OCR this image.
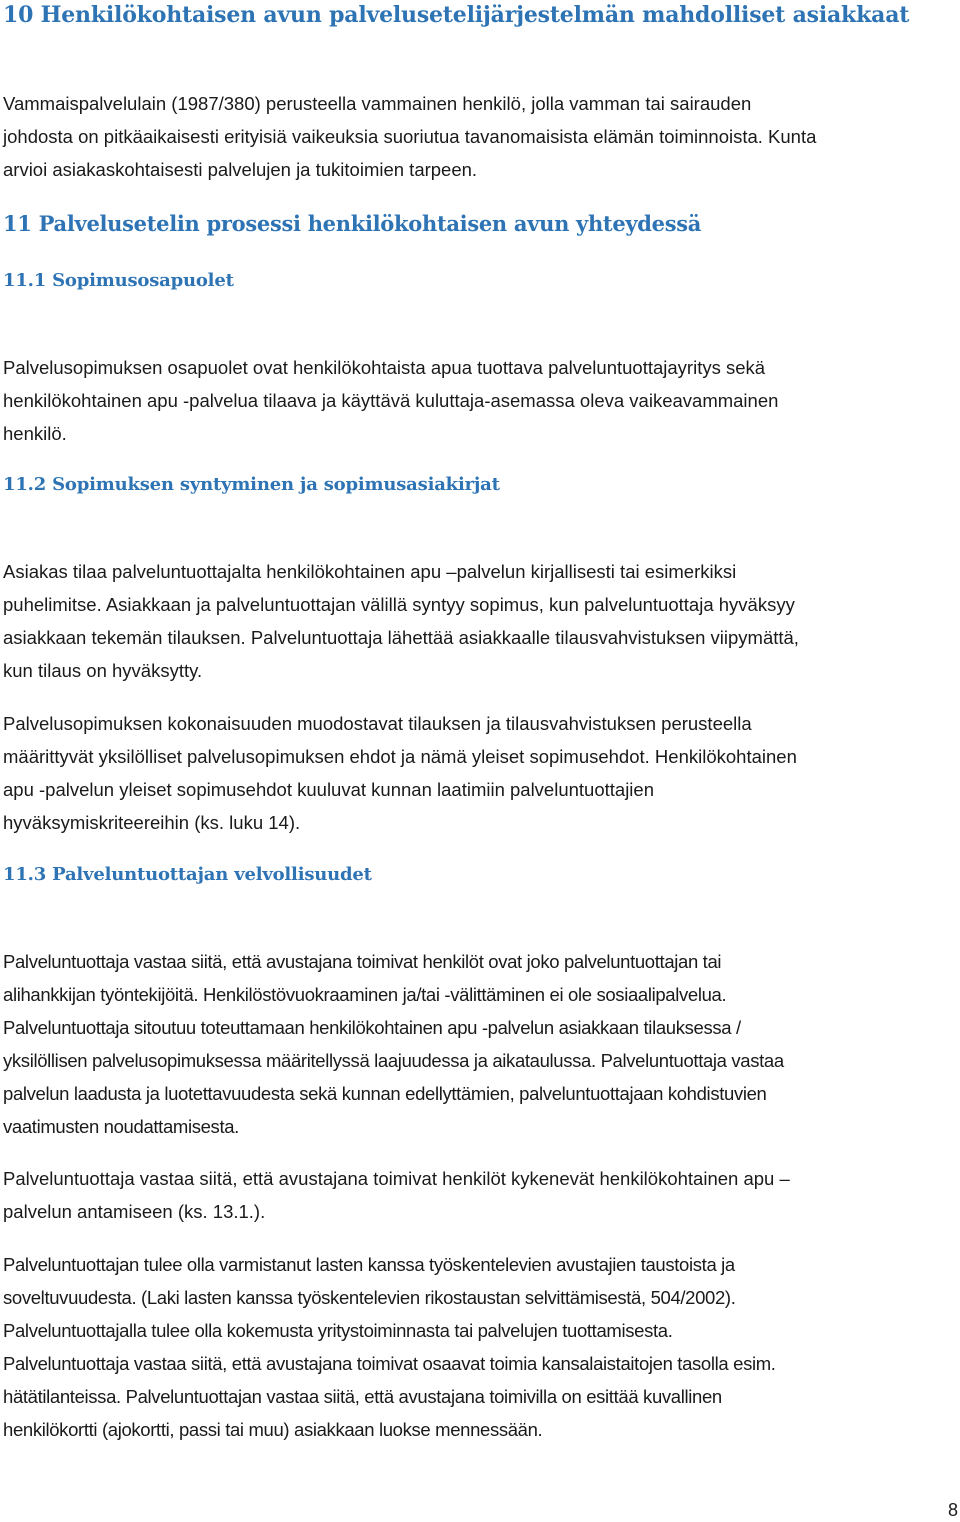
10 Henkilökohtaisen avun palvelusetelijärjestelmän mahdolliset asiakkaat
Vammaispalvelulain (1987/380) perusteella vammainen henkilö, jolla vamman tai sairauden
johdosta on pitkäaikaisesti erityisiä vaikeuksia suoriutua tavanomaisista elämän toiminnoista. Kunta
arvioi asiakaskohtaisesti palvelujen ja tukitoimien tarpeen.
11 Palvelusetelin prosessi henkilökohtaisen avun yhteydessä
11.1 Sopimusosapuolet
Palvelusopimuksen osapuolet ovat henkilökohtaista apua tuottava palveluntuottajayritys sekä
henkilökohtainen apu -palvelua tilaava ja käyttävä kuluttaja-asemassa oleva vaikeavammainen
henkilö.
11.2 Sopimuksen syntyminen ja sopimusasiakirjat
Asiakas tilaa palveluntuottajalta henkilökohtainen apu –palvelun kirjallisesti tai esimerkiksi
puhelimitse. Asiakkaan ja palveluntuottajan välillä syntyy sopimus, kun palveluntuottaja hyväksyy
asiakkaan tekemän tilauksen. Palveluntuottaja lähettää asiakkaalle tilausvahvistuksen viipymättä,
kun tilaus on hyväksytty.
Palvelusopimuksen kokonaisuuden muodostavat tilauksen ja tilausvahvistuksen perusteella
määrittyvät yksilölliset palvelusopimuksen ehdot ja nämä yleiset sopimusehdot. Henkilökohtainen
apu -palvelun yleiset sopimusehdot kuuluvat kunnan laatimiin palveluntuottajien
hyväksymiskriteereihin (ks. luku 14).
11.3 Palveluntuottajan velvollisuudet
Palveluntuottaja vastaa siitä, että avustajana toimivat henkilöt ovat joko palveluntuottajan tai
alihankkijan työntekijöitä. Henkilöstövuokraaminen ja/tai -välittäminen ei ole sosiaalipalvelua.
Palveluntuottaja sitoutuu toteuttamaan henkilökohtainen apu -palvelun asiakkaan tilauksessa /
yksilöllisen palvelusopimuksessa määritellyssä laajuudessa ja aikataulussa. Palveluntuottaja vastaa
palvelun laadusta ja luotettavuudesta sekä kunnan edellyttämien, palveluntuottajaan kohdistuvien
vaatimusten noudattamisesta.
Palveluntuottaja vastaa siitä, että avustajana toimivat henkilöt kykenevät henkilökohtainen apu –
palvelun antamiseen (ks. 13.1.).
Palveluntuottajan tulee olla varmistanut lasten kanssa työskentelevien avustajien taustoista ja
soveltuvuudesta. (Laki lasten kanssa työskentelevien rikostaustan selvittämisestä, 504/2002).
Palveluntuottajalla tulee olla kokemusta yritystoiminnasta tai palvelujen tuottamisesta.
Palveluntuottaja vastaa siitä, että avustajana toimivat osaavat toimia kansalaistaitojen tasolla esim.
hätätilanteissa. Palveluntuottajan vastaa siitä, että avustajana toimivilla on esittää kuvallinen
henkilökortti (ajokortti, passi tai muu) asiakkaan luokse mennessään.
8
